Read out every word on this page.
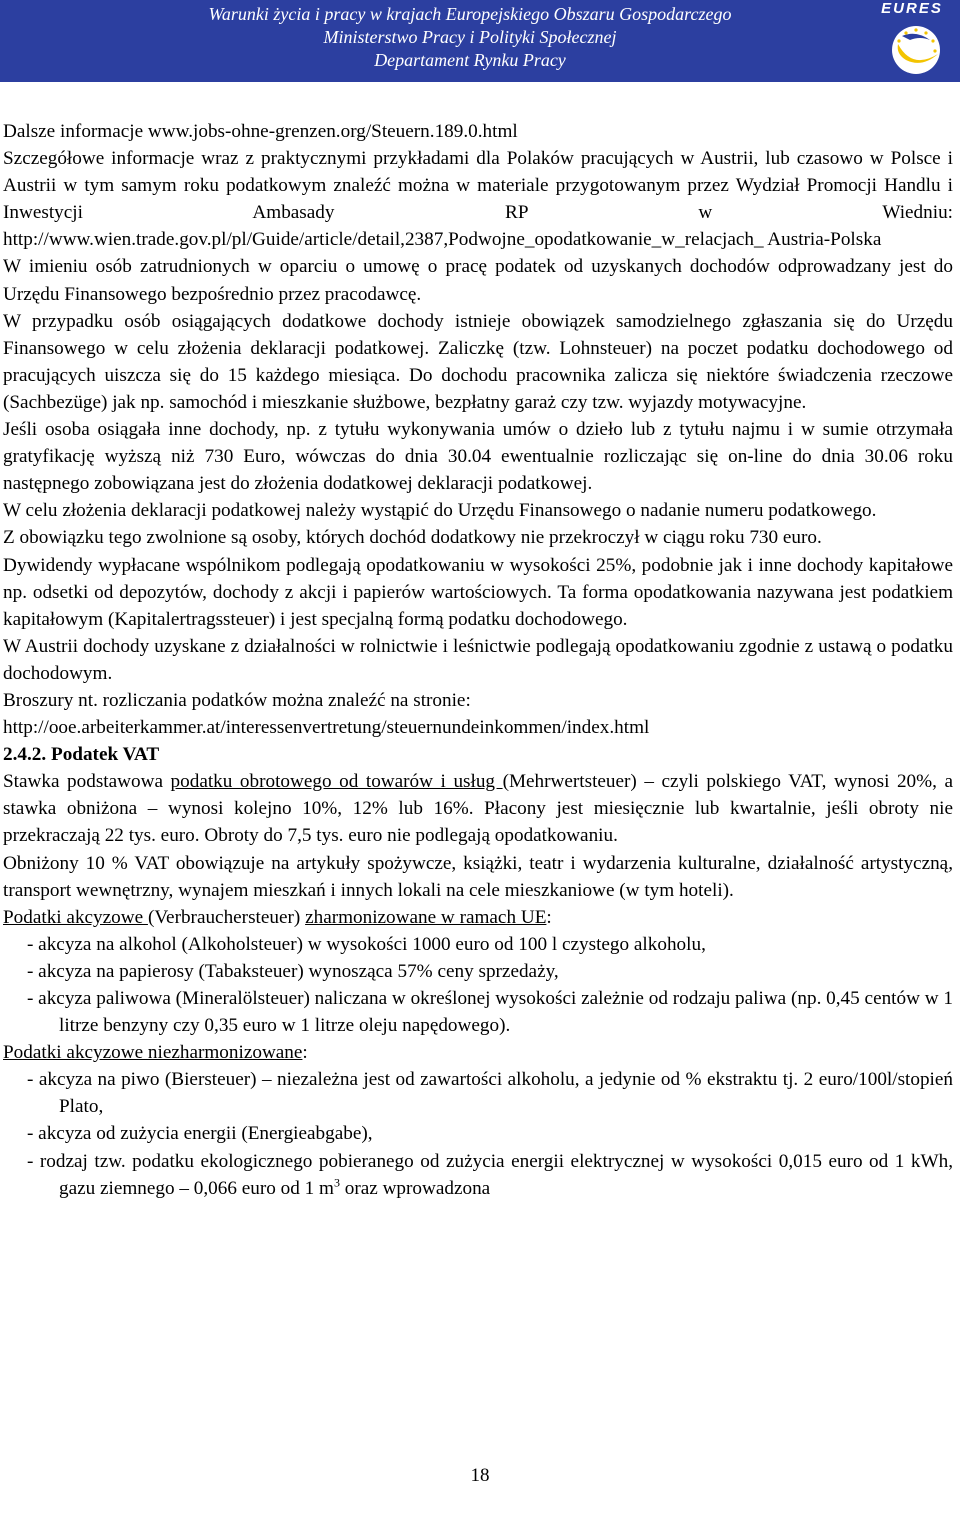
Warunki życia i pracy w krajach Europejskiego Obszaru Gospodarczego
Ministerstwo Pracy i Polityki Społecznej
Departament Rynku Pracy
EURES

Dalsze informacje www.jobs-ohne-grenzen.org/Steuern.189.0.html

Szczegółowe informacje wraz z praktycznymi przykładami dla Polaków pracujących w Austrii, lub czasowo w Polsce i Austrii w tym samym roku podatkowym znaleźć można w materiale przygotowanym przez Wydział Promocji Handlu i Inwestycji Ambasady RP w Wiedniu: http://www.wien.trade.gov.pl/pl/Guide/article/detail,2387,Podwojne_opodatkowanie_w_relacjach_ Austria-Polska

W imieniu osób zatrudnionych w oparciu o umowę o pracę podatek od uzyskanych dochodów odprowadzany jest do Urzędu Finansowego bezpośrednio przez pracodawcę.

W przypadku osób osiągających dodatkowe dochody istnieje obowiązek samodzielnego zgłaszania się do Urzędu Finansowego w celu złożenia deklaracji podatkowej. Zaliczkę (tzw. Lohnsteuer) na poczet podatku dochodowego od pracujących uiszcza się do 15 każdego miesiąca. Do dochodu pracownika zalicza się niektóre świadczenia rzeczowe (Sachbezüge) jak np. samochód i mieszkanie służbowe, bezpłatny garaż czy tzw. wyjazdy motywacyjne.

Jeśli osoba osiągała inne dochody, np. z tytułu wykonywania umów o dzieło lub z tytułu najmu i w sumie otrzymała gratyfikację wyższą niż 730 Euro, wówczas do dnia 30.04 ewentualnie rozliczając się on-line do dnia 30.06 roku następnego zobowiązana jest do złożenia dodatkowej deklaracji podatkowej.

W celu złożenia deklaracji podatkowej należy wystąpić do Urzędu Finansowego o nadanie numeru podatkowego.

Z obowiązku tego zwolnione są osoby, których dochód dodatkowy nie przekroczył w ciągu roku 730 euro.

Dywidendy wypłacane wspólnikom podlegają opodatkowaniu w wysokości 25%, podobnie jak i inne dochody kapitałowe np. odsetki od depozytów, dochody z akcji i papierów wartościowych. Ta forma opodatkowania nazywana jest podatkiem kapitałowym (Kapitalertragssteuer) i jest specjalną formą podatku dochodowego.

W Austrii dochody uzyskane z działalności w rolnictwie i leśnictwie podlegają opodatkowaniu zgodnie z ustawą o podatku dochodowym.

Broszury nt. rozliczania podatków można znaleźć na stronie:

http://ooe.arbeiterkammer.at/interessenvertretung/steuernundeinkommen/index.html

2.4.2. Podatek VAT

Stawka podstawowa podatku obrotowego od towarów i usług (Mehrwertsteuer) – czyli polskiego VAT, wynosi 20%, a stawka obniżona – wynosi kolejno 10%, 12% lub 16%. Płacony jest miesięcznie lub kwartalnie, jeśli obroty nie przekraczają 22 tys. euro. Obroty do 7,5 tys. euro nie podlegają opodatkowaniu.

Obniżony 10 % VAT obowiązuje na artykuły spożywcze, książki, teatr i wydarzenia kulturalne, działalność artystyczną, transport wewnętrzny, wynajem mieszkań i innych lokali na cele mieszkaniowe (w tym hoteli).

Podatki akcyzowe (Verbrauchersteuer) zharmonizowane w ramach UE:

- akcyza na alkohol (Alkoholsteuer) w wysokości 1000 euro od 100 l czystego alkoholu,

- akcyza na papierosy (Tabaksteuer) wynosząca 57% ceny sprzedaży,

- akcyza paliwowa (Mineralölsteuer) naliczana w określonej wysokości zależnie od rodzaju paliwa (np. 0,45 centów w 1 litrze benzyny czy 0,35 euro w 1 litrze oleju napędowego).

Podatki akcyzowe niezharmonizowane:

- akcyza na piwo (Biersteuer) – niezależna jest od zawartości alkoholu, a jedynie od % ekstraktu tj. 2 euro/100l/stopień Plato,

- akcyza od zużycia energii (Energieabgabe),

- rodzaj tzw. podatku ekologicznego pobieranego od zużycia energii elektrycznej w wysokości 0,015 euro od 1 kWh, gazu ziemnego – 0,066 euro od 1 $m^3$ oraz wprowadzona

18
